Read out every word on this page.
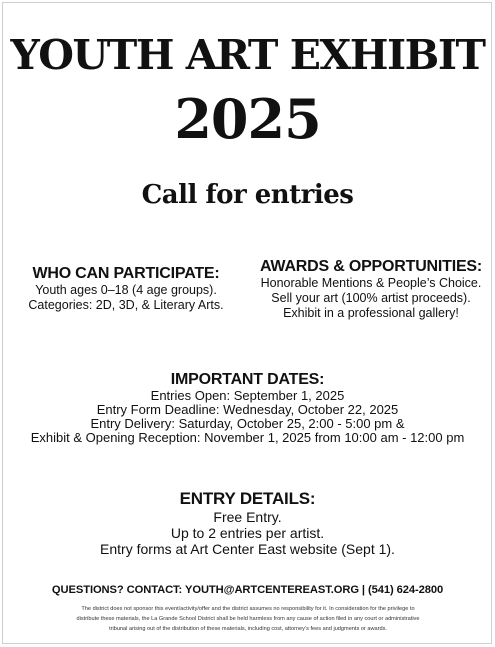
YOUTH ART EXHIBIT
2025
Call for entries
WHO CAN PARTICIPATE:
Youth ages 0–18 (4 age groups).
Categories: 2D, 3D, & Literary Arts.
AWARDS & OPPORTUNITIES:
Honorable Mentions & People’s Choice.
Sell your art (100% artist proceeds).
Exhibit in a professional gallery!
IMPORTANT DATES:
Entries Open: September 1, 2025
Entry Form Deadline: Wednesday, October 22, 2025
Entry Delivery: Saturday, October 25, 2:00 - 5:00 pm &
Exhibit & Opening Reception: November 1, 2025 from 10:00 am - 12:00 pm
ENTRY DETAILS:
Free Entry.
Up to 2 entries per artist.
Entry forms at Art Center East website (Sept 1).
QUESTIONS? CONTACT: YOUTH@ARTCENTEREAST.ORG | (541) 624-2800
The district does not sponsor this event/activity/offer and the district assumes no responsibility for it. In consideration for the privilege to
distribute these materials, the La Grande School District shall be held harmless from any cause of action filed in any court or administrative
tribunal arising out of the distribution of these materials, including cost, attorney’s fees and judgments or awards.
